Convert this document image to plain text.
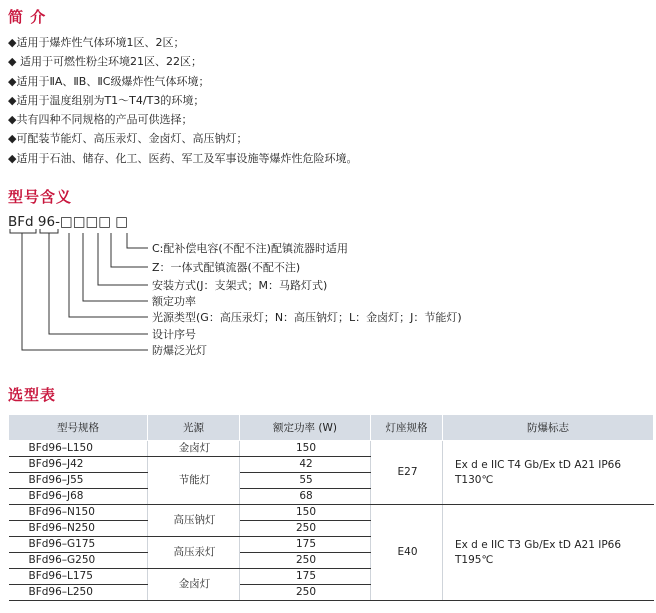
简 介
◆适用于爆炸性气体环境1区、2区；
◆ 适用于可燃性粉尘环境21区、22区；
◆适用于ⅡA、ⅡB、ⅡC级爆炸性气体环境；
◆适用于温度组别为T1～T4/T3的环境；
◆共有四种不同规格的产品可供选择；
◆可配装节能灯、高压汞灯、金卤灯、高压钠灯；
◆适用于石油、储存、化工、医药、军工及军事设施等爆炸性危险环境。
型号含义
BFd 96-□□□□ □
C:配补偿电容(不配不注)配镇流器时适用
Z：一体式配镇流器(不配不注)
安装方式(J：支架式；M：马路灯式)
额定功率
光源类型(G：高压汞灯；N：高压钠灯；L：金卤灯；J：节能灯)
设计序号
防爆泛光灯
选型表
型号规格	光源	额定功率 (W)	灯座规格	防爆标志
BFd96–L150	金卤灯	150	E27	Ex d e IIC T4 Gb/Ex tD A21 IP66 T130℃
BFd96–J42	节能灯	42		
BFd96–J55		55		
BFd96–J68		68		
BFd96–N150	高压钠灯	150	E40	Ex d e IIC T3 Gb/Ex tD A21 IP66 T195℃
BFd96–N250		250		
BFd96–G175	高压汞灯	175		
BFd96–G250		250		
BFd96–L175	金卤灯	175		
BFd96–L250		250		
